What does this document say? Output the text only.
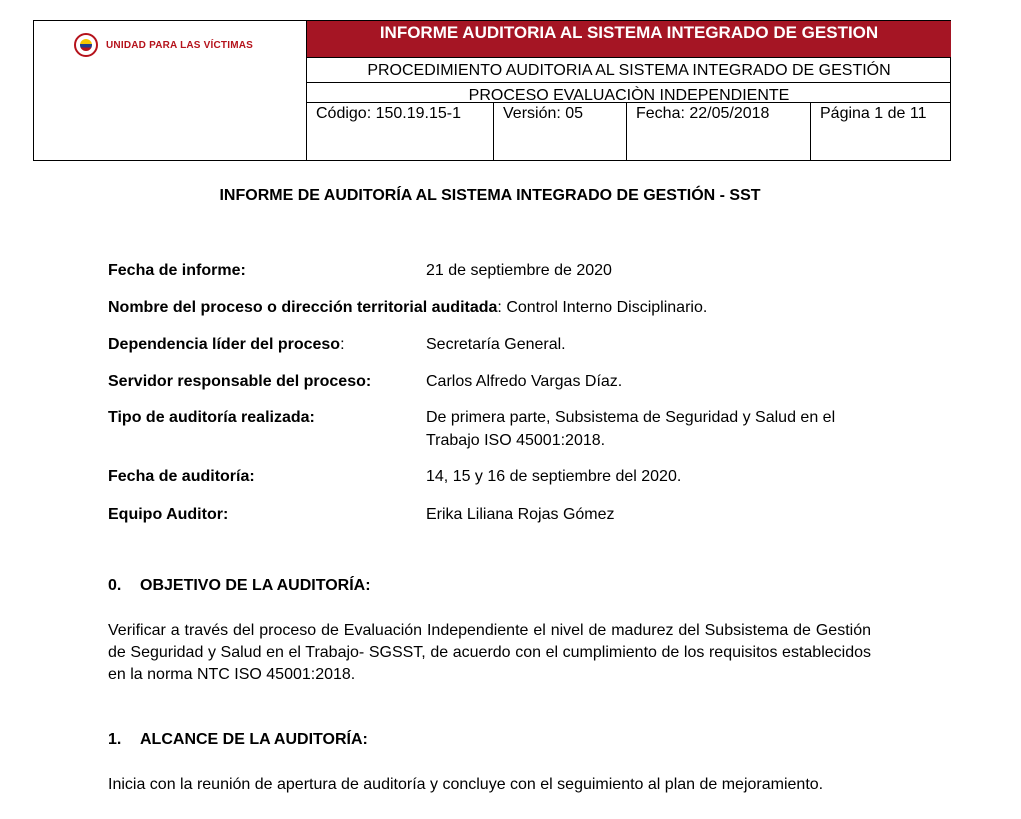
UNIDAD PARA LAS VÍCTIMAS
INFORME AUDITORIA AL SISTEMA INTEGRADO DE GESTION
PROCEDIMIENTO AUDITORIA AL SISTEMA INTEGRADO DE GESTIÓN
PROCESO EVALUACIÒN INDEPENDIENTE
Código: 150.19.15-1	Versión: 05	Fecha: 22/05/2018	Página 1 de 11
INFORME DE AUDITORÍA AL SISTEMA INTEGRADO DE GESTIÓN - SST
Fecha de informe:	21 de septiembre de 2020
Nombre del proceso o dirección territorial auditada: Control Interno Disciplinario.
Dependencia líder del proceso:	Secretaría General.
Servidor responsable del proceso:	Carlos Alfredo Vargas Díaz.
Tipo de auditoría realizada:	De primera parte, Subsistema de Seguridad y Salud en el Trabajo ISO 45001:2018.
Fecha de auditoría:	14, 15 y 16 de septiembre del 2020.
Equipo Auditor:	Erika Liliana Rojas Gómez
0. OBJETIVO DE LA AUDITORÍA:
Verificar a través del proceso de Evaluación Independiente el nivel de madurez del Subsistema de Gestión de Seguridad y Salud en el Trabajo- SGSST, de acuerdo con el cumplimiento de los requisitos establecidos en la norma NTC ISO 45001:2018.
1. ALCANCE DE LA AUDITORÍA:
Inicia con la reunión de apertura de auditoría y concluye con el seguimiento al plan de mejoramiento.
